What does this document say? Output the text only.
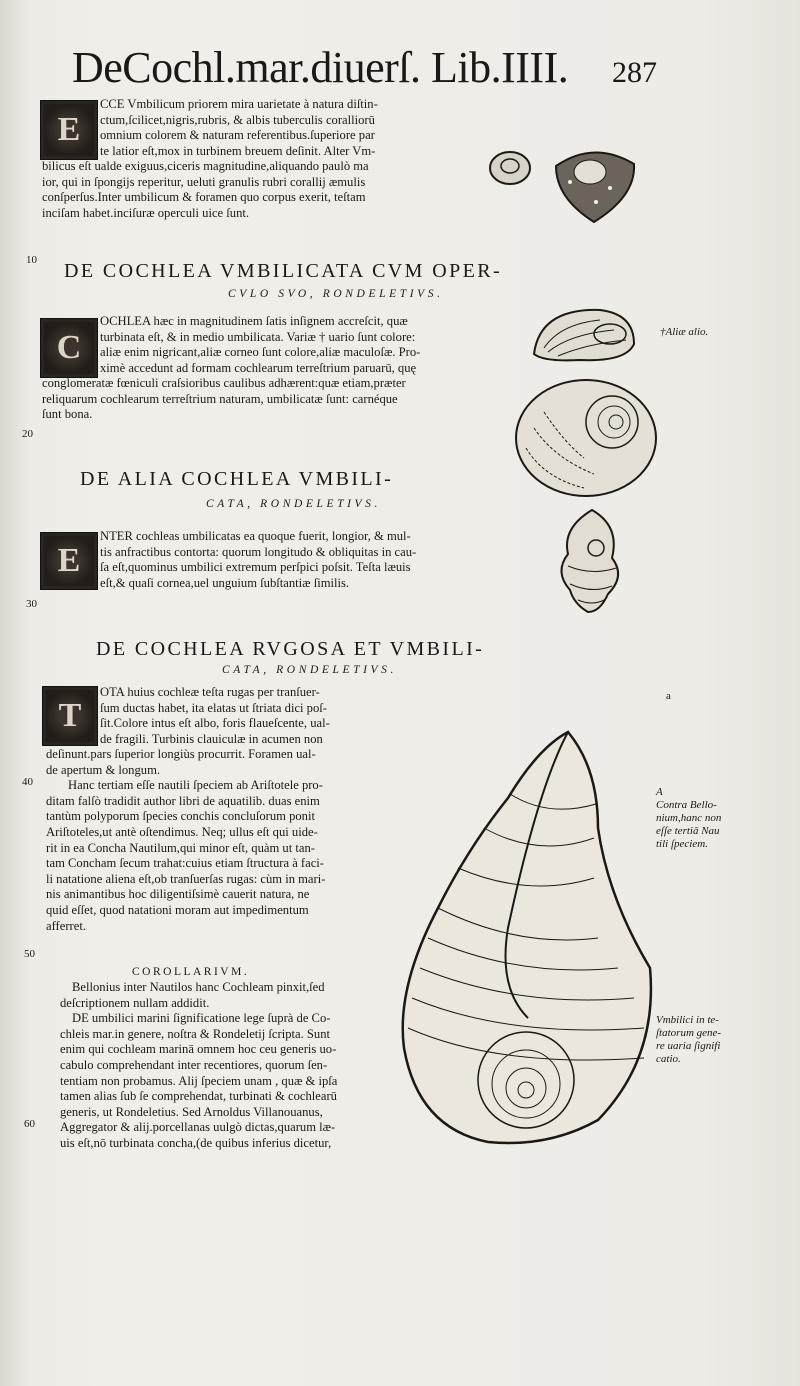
DeCochl.mar.diuerſ. Lib.IIII. 287
E
CCE Vmbilicum priorem mira uarietate à natura diſtin-
ctum,ſcilicet,nigris,rubris, & albis tuberculis coralliorū
omnium colorem & naturam referentibus.ſuperiore par
te latior eſt,mox in turbinem breuem deſinit. Alter Vm-
bilicus eſt ualde exiguus,ciceris magnitudine,aliquando paulò ma
ior, qui in ſpongijs reperitur, ueluti granulis rubri corallij æmulis
conſperſus.Inter umbilicum & foramen quo corpus exerit, teſtam
inciſam habet.inciſuræ operculi uice ſunt.
10 DE COCHLEA VMBILICATA CVM OPER-
CVLO SVO, RONDELETIVS.
C
OCHLEA hæc in magnitudinem ſatis inſignem accreſcit, quæ
turbinata eſt, & in medio umbilicata. Variæ † uario ſunt colore:
aliæ enim nigricant,aliæ corneo ſunt colore,aliæ maculoſæ. Pro-
ximè accedunt ad formam cochlearum terreſtrium paruarū, quę
conglomeratæ fœniculi craſsioribus caulibus adhærent:quæ etiam,præter
reliquarum cochlearum terreſtrium naturam, umbilicatæ ſunt: carnéque
ſunt bona.
20
†Aliæ alio.
DE ALIA COCHLEA VMBILI-
CATA, RONDELETIVS.
E
NTER cochleas umbilicatas ea quoque fuerit, longior, & mul-
tis anfractibus contorta: quorum longitudo & obliquitas in cau-
ſa eſt,quominus umbilici extremum perſpici poſsit. Teſta læuis
eſt,& quaſi cornea,uel unguium ſubſtantiæ ſimilis.
30
DE COCHLEA RVGOSA ET VMBILI-
CATA, RONDELETIVS.
T
OTA huius cochleæ teſta rugas per tranſuer-
ſum ductas habet, ita elatas ut ſtriata dici poſ-
ſit.Colore intus eſt albo, foris flaueſcente, ual-
de fragili. Turbinis clauiculæ in acumen non
deſinunt.pars ſuperior longiùs procurrit. Foramen ual-
de apertum & longum.
Hanc tertiam eſſe nautili ſpeciem ab Ariſtotele pro-
ditam falſò tradidit author libri de aquatilib. duas enim
tantùm polyporum ſpecies conchis concluſorum ponit
Ariſtoteles,ut antè oſtendimus. Neq; ullus eſt qui uide-
rit in ea Concha Nautilum,qui minor eſt, quàm ut tan-
tam Concham ſecum trahat:cuius etiam ſtructura à faci-
li natatione aliena eſt,ob tranſuerſas rugas: cùm in mari-
nis animantibus hoc diligentiſsimè cauerit natura, ne
quid eſſet, quod natationi moram aut impedimentum
afferret.
40
50
COROLLARIVM.
Bellonius inter Nautilos hanc Cochleam pinxit,ſed
deſcriptionem nullam addidit.
DE umbilici marini ſignificatione lege ſuprà de Co-
chleis mar.in genere, noſtra & Rondeletij ſcripta. Sunt
enim qui cochleam marinā omnem hoc ceu generis uo-
cabulo comprehendant inter recentiores, quorum ſen-
tentiam non probamus. Alij ſpeciem unam , quæ & ipſa
tamen alias ſub ſe comprehendat, turbinati & cochlearū
generis, ut Rondeletius. Sed Arnoldus Villanouanus,
Aggregator & alij.porcellanas uulgò dictas,quarum læ-
uis eſt,nō turbinata concha,(de quibus inferius dicetur,
60
a
A
Contra Bello-
nium,hanc non
eſſe tertiā Nau
tili ſpeciem.
Vmbilici in te-
ſtatorum gene-
re uaria ſignifi
catio.
